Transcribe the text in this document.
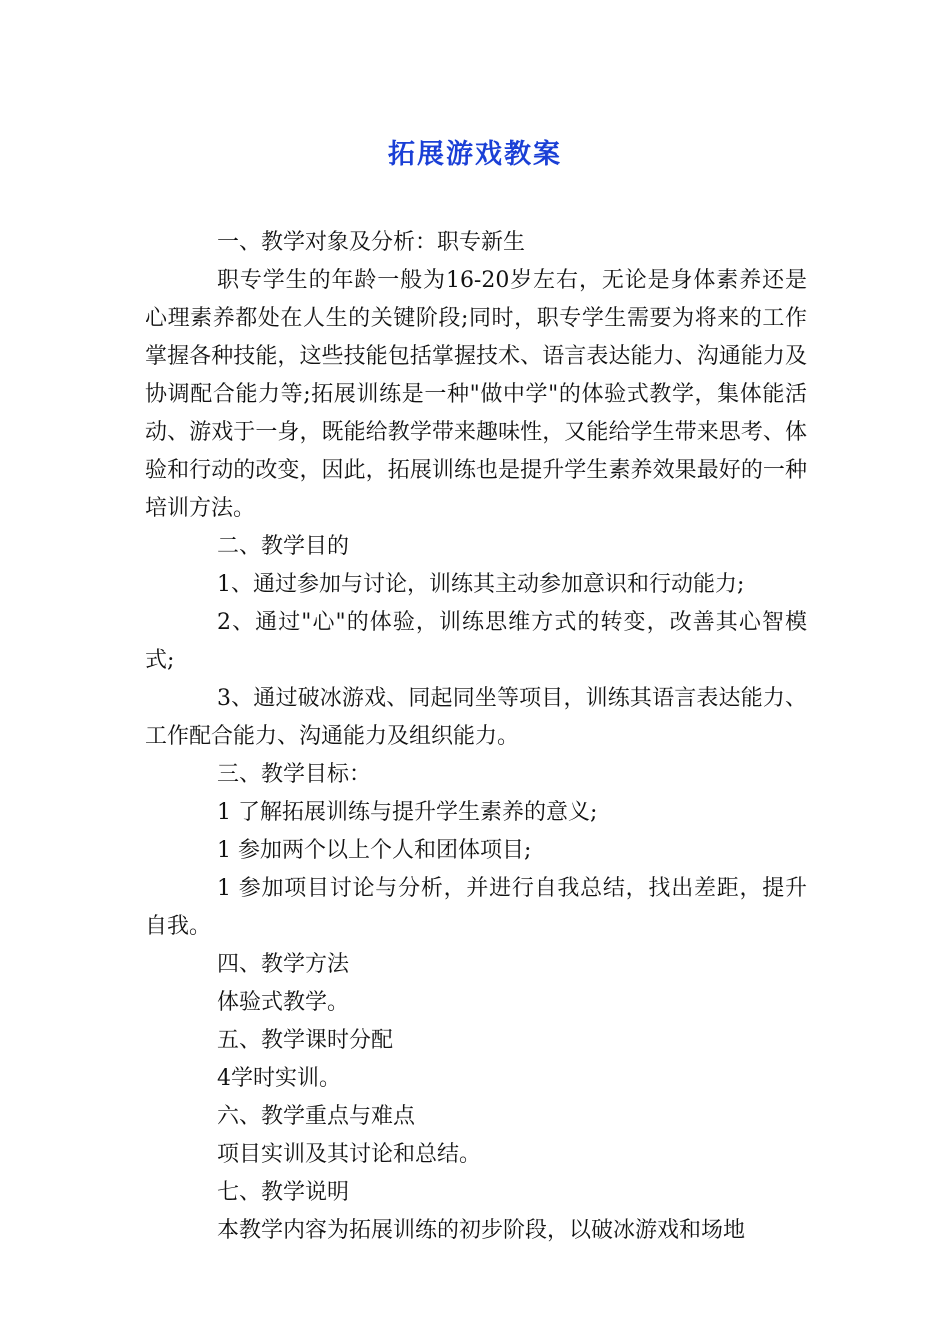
拓展游戏教案

一、教学对象及分析：职专新生

职专学生的年龄一般为16-20岁左右，无论是身体素养还是心理素养都处在人生的关键阶段;同时，职专学生需要为将来的工作掌握各种技能，这些技能包括掌握技术、语言表达能力、沟通能力及协调配合能力等;拓展训练是一种"做中学"的体验式教学，集体能活动、游戏于一身，既能给教学带来趣味性，又能给学生带来思考、体验和行动的改变，因此，拓展训练也是提升学生素养效果最好的一种培训方法。

二、教学目的

1、通过参加与讨论，训练其主动参加意识和行动能力;

2、通过"心"的体验，训练思维方式的转变，改善其心智模式;

3、通过破冰游戏、同起同坐等项目，训练其语言表达能力、工作配合能力、沟通能力及组织能力。

三、教学目标：

1 了解拓展训练与提升学生素养的意义;

1 参加两个以上个人和团体项目;

1 参加项目讨论与分析，并进行自我总结，找出差距，提升自我。

四、教学方法

体验式教学。

五、教学课时分配

4学时实训。

六、教学重点与难点

项目实训及其讨论和总结。

七、教学说明

本教学内容为拓展训练的初步阶段，以破冰游戏和场地
